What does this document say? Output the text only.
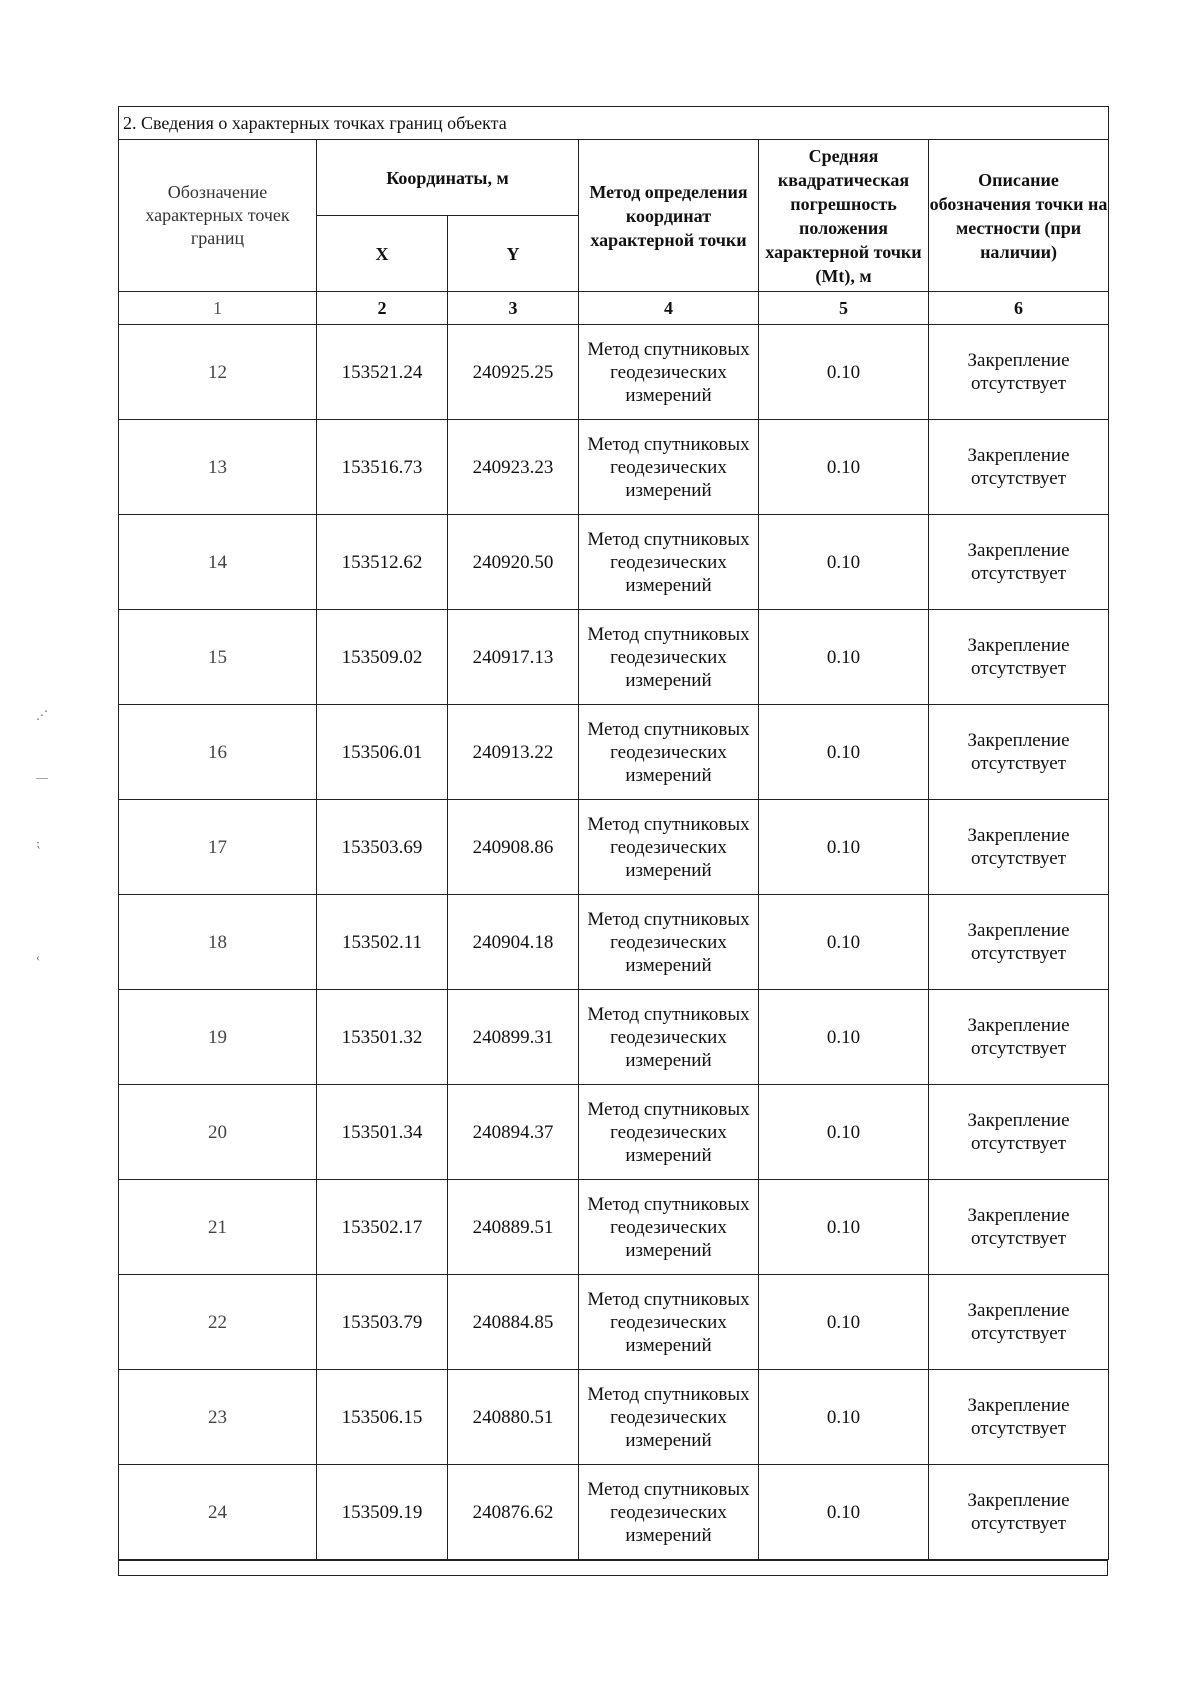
2. Сведения о характерных точках границ объекта					
Обозначение характерных точек границ	Координаты, м		Метод определения координат характерной точки	Средняя квадратическая погрешность положения характерной точки (Mt), м	Описание обозначения точки на местности (при наличии)
	X	Y			
1	2	3	4	5	6
12	153521.24	240925.25	Метод спутниковых геодезических измерений	0.10	Закрепление отсутствует
13	153516.73	240923.23	Метод спутниковых геодезических измерений	0.10	Закрепление отсутствует
14	153512.62	240920.50	Метод спутниковых геодезических измерений	0.10	Закрепление отсутствует
15	153509.02	240917.13	Метод спутниковых геодезических измерений	0.10	Закрепление отсутствует
16	153506.01	240913.22	Метод спутниковых геодезических измерений	0.10	Закрепление отсутствует
17	153503.69	240908.86	Метод спутниковых геодезических измерений	0.10	Закрепление отсутствует
18	153502.11	240904.18	Метод спутниковых геодезических измерений	0.10	Закрепление отсутствует
19	153501.32	240899.31	Метод спутниковых геодезических измерений	0.10	Закрепление отсутствует
20	153501.34	240894.37	Метод спутниковых геодезических измерений	0.10	Закрепление отсутствует
21	153502.17	240889.51	Метод спутниковых геодезических измерений	0.10	Закрепление отсутствует
22	153503.79	240884.85	Метод спутниковых геодезических измерений	0.10	Закрепление отсутствует
23	153506.15	240880.51	Метод спутниковых геодезических измерений	0.10	Закрепление отсутствует
24	153509.19	240876.62	Метод спутниковых геодезических измерений	0.10	Закрепление отсутствует
⋰
—
⁏
‹
